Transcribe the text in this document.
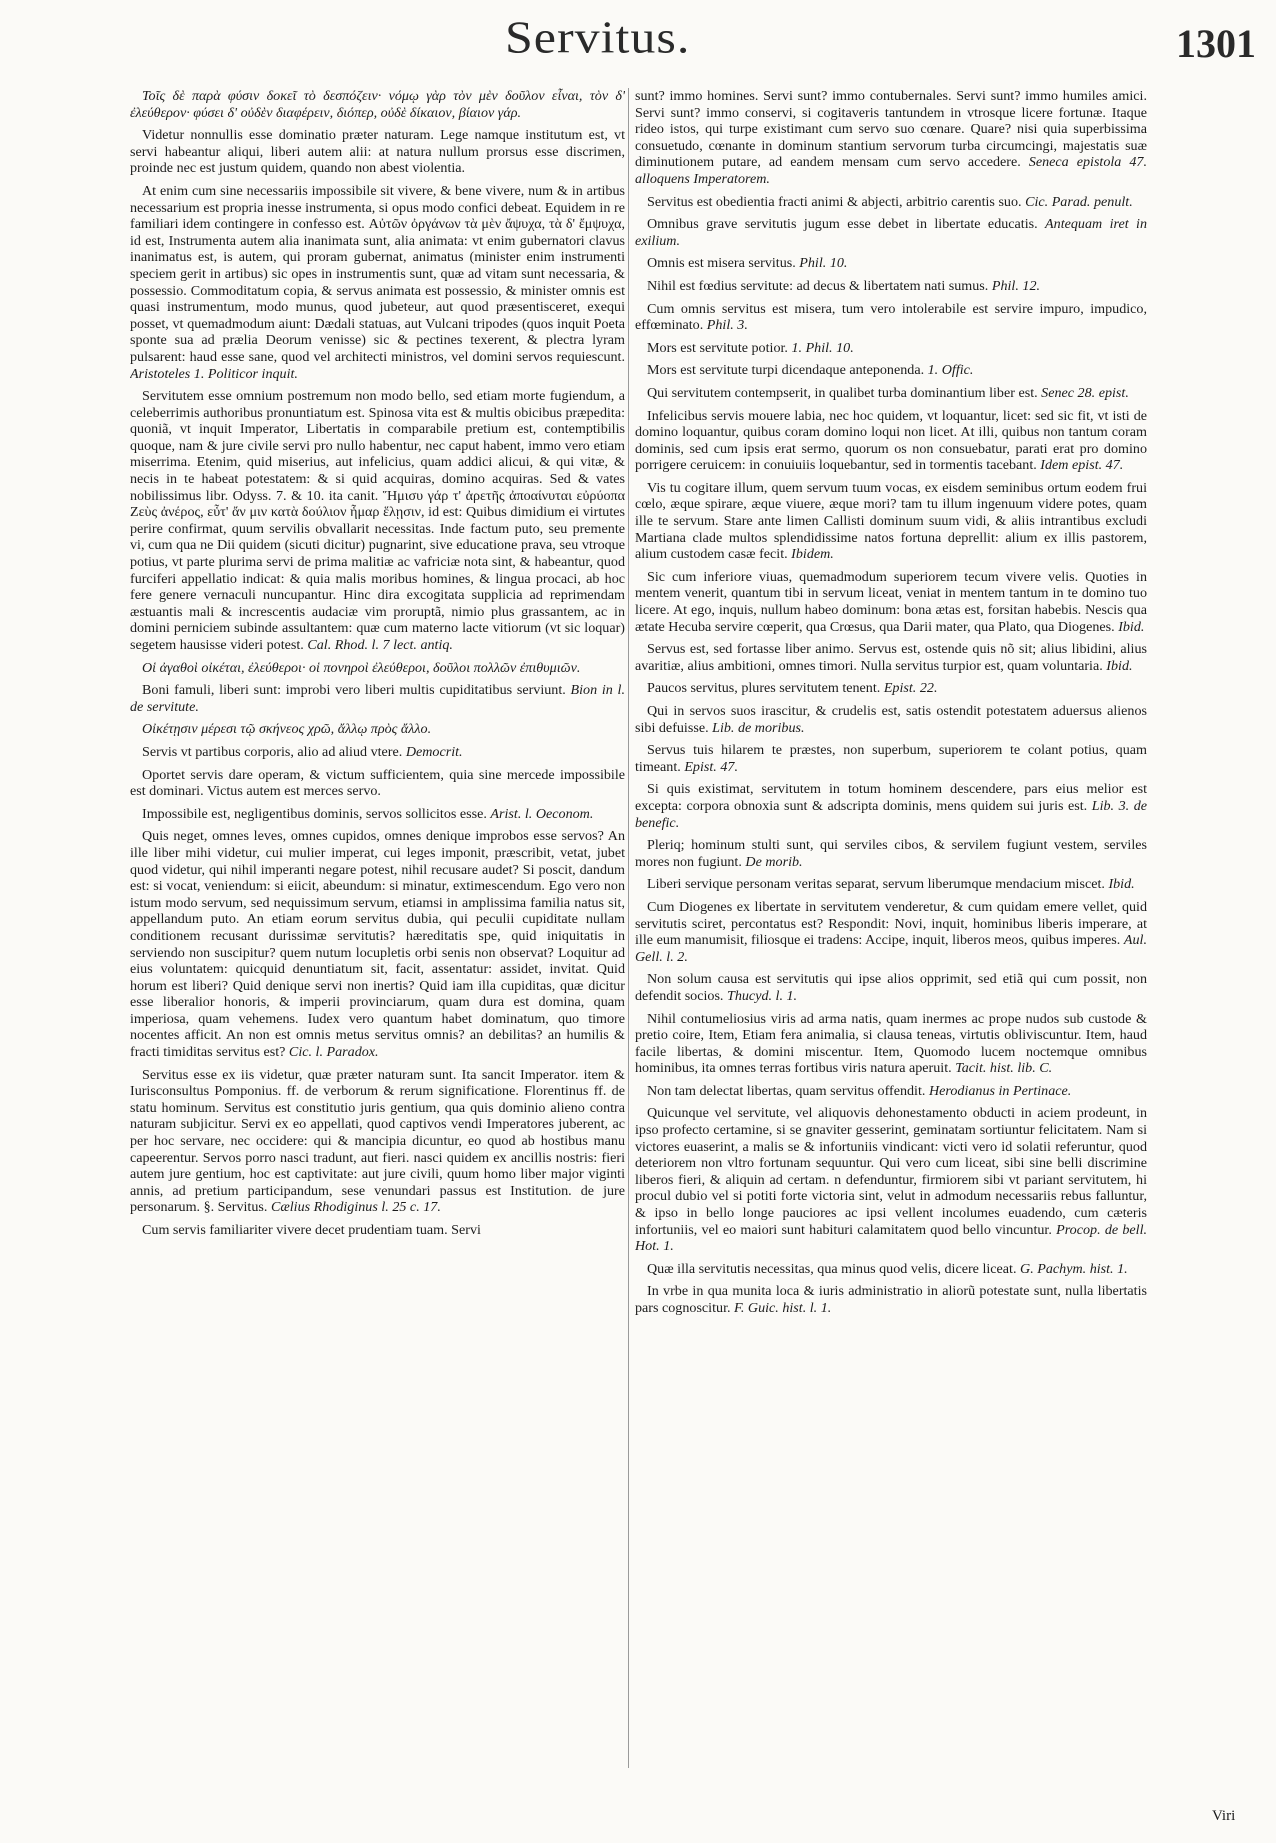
Servitus.	1301

Τοῖς δὲ παρὰ φύσιν δοκεῖ τὸ δεσπόζειν· νόμῳ γὰρ τὸν μὲν δοῦλον εἶναι, τὸν δ' ἐλεύθερον· φύσει δ' οὐδὲν διαφέρειν, διόπερ, οὐδὲ δίκαιον, βίαιον γάρ.

Videtur nonnullis esse dominatio præter naturam. Lege namque institutum est, vt servi habeantur aliqui, liberi autem alii: at natura nullum prorsus esse discrimen, proinde nec est justum quidem, quando non abest violentia.

At enim cum sine necessariis impossibile sit vivere, & bene vivere, num & in artibus necessarium est propria inesse instrumenta, si opus modo confici debeat. Equidem in re familiari idem contingere in confesso est. Αὐτῶν ὀργάνων τὰ μὲν ἄψυχα, τὰ δ' ἔμψυχα, id est, Instrumenta autem alia inanimata sunt, alia animata: vt enim gubernatori clavus inanimatus est, is autem, qui proram gubernat, animatus (minister enim instrumenti speciem gerit in artibus) sic opes in instrumentis sunt, quæ ad vitam sunt necessaria, & possessio. Commoditatum copia, & servus animata est possessio, & minister omnis est quasi instrumentum, modo munus, quod jubeteur, aut quod præsentisceret, exequi posset, vt quemadmodum aiunt: Dædali statuas, aut Vulcani tripodes (quos inquit Poeta sponte sua ad prælia Deorum venisse) sic & pectines texerent, & plectra lyram pulsarent: haud esse sane, quod vel architecti ministros, vel domini servos requiescunt. Aristoteles 1. Politicor inquit.

Servitutem esse omnium postremum non modo bello, sed etiam morte fugiendum, a celeberrimis authoribus pronuntiatum est. Spinosa vita est & multis obicibus præpedita: quoniã, vt inquit Imperator, Libertatis in comparabile pretium est, contemptibilis quoque, nam & jure civile servi pro nullo habentur, nec caput habent, immo vero etiam miserrima. Etenim, quid miserius, aut infelicius, quam addici alicui, & qui vitæ, & necis in te habeat potestatem: & si quid acquiras, domino acquiras. Sed & vates nobilissimus libr. Odyss. 7. & 10. ita canit. Ἥμισυ γάρ τ' ἀρετῆς ἀποαίνυται εὐρύοπα Ζεὺς ἀνέρος, εὖτ' ἄν μιν κατὰ δούλιον ἦμαρ ἕλῃσιν, id est: Quibus dimidium ei virtutes perire confirmat, quum servilis obvallarit necessitas. Inde factum puto, seu premente vi, cum qua ne Dii quidem (sicuti dicitur) pugnarint, sive educatione prava, seu vtroque potius, vt parte plurima servi de prima malitiæ ac vafriciæ nota sint, & habeantur, quod furciferi appellatio indicat: & quia malis moribus homines, & lingua procaci, ab hoc fere genere vernaculi nuncupantur. Hinc dira excogitata supplicia ad reprimendam æstuantis mali & increscentis audaciæ vim proruptã, nimio plus grassantem, ac in domini perniciem subinde assultantem: quæ cum materno lacte vitiorum (vt sic loquar) segetem hausisse videri potest. Cal. Rhod. l. 7 lect. antiq.

Οἱ ἀγαθοὶ οἰκέται, ἐλεύθεροι· οἱ πονηροὶ ἐλεύθεροι, δοῦλοι πολλῶν ἐπιθυμιῶν.

Boni famuli, liberi sunt: improbi vero liberi multis cupiditatibus serviunt. Bion in l. de servitute.

Οἰκέτῃσιν μέρεσι τῷ σκήνεος χρῶ, ἄλλῳ πρὸς ἄλλο.

Servis vt partibus corporis, alio ad aliud vtere. Democrit.

Oportet servis dare operam, & victum sufficientem, quia sine mercede impossibile est dominari. Victus autem est merces servo.

Impossibile est, negligentibus dominis, servos sollicitos esse. Arist. l. Oeconom.

Quis neget, omnes leves, omnes cupidos, omnes denique improbos esse servos? An ille liber mihi videtur, cui mulier imperat, cui leges imponit, præscribit, vetat, jubet quod videtur, qui nihil imperanti negare potest, nihil recusare audet? Si poscit, dandum est: si vocat, veniendum: si eiicit, abeundum: si minatur, extimescendum. Ego vero non istum modo servum, sed nequissimum servum, etiamsi in amplissima familia natus sit, appellandum puto. An etiam eorum servitus dubia, qui peculii cupiditate nullam conditionem recusant durissimæ servitutis? hæreditatis spe, quid iniquitatis in serviendo non suscipitur? quem nutum locupletis orbi senis non observat? Loquitur ad eius voluntatem: quicquid denuntiatum sit, facit, assentatur: assidet, invitat. Quid horum est liberi? Quid denique servi non inertis? Quid iam illa cupiditas, quæ dicitur esse liberalior honoris, & imperii provinciarum, quam dura est domina, quam imperiosa, quam vehemens. Iudex vero quantum habet dominatum, quo timore nocentes afficit. An non est omnis metus servitus omnis? an debilitas? an humilis & fracti timiditas servitus est? Cic. l. Paradox.

Servitus esse ex iis videtur, quæ præter naturam sunt. Ita sancit Imperator. item & Iurisconsultus Pomponius. ff. de verborum & rerum significatione. Florentinus ff. de statu hominum. Servitus est constitutio juris gentium, qua quis dominio alieno contra naturam subjicitur. Servi ex eo appellati, quod captivos vendi Imperatores juberent, ac per hoc servare, nec occidere: qui & mancipia dicuntur, eo quod ab hostibus manu capeerentur. Servos porro nasci tradunt, aut fieri. nasci quidem ex ancillis nostris: fieri autem jure gentium, hoc est captivitate: aut jure civili, quum homo liber major viginti annis, ad pretium participandum, sese venundari passus est Institution. de jure personarum. §. Servitus. Cælius Rhodiginus l. 25 c. 17.

Cum servis familiariter vivere decet prudentiam tuam. Servi

sunt? immo homines. Servi sunt? immo contubernales. Servi sunt? immo humiles amici. Servi sunt? immo conservi, si cogitaveris tantundem in vtrosque licere fortunæ. Itaque rideo istos, qui turpe existimant cum servo suo cœnare. Quare? nisi quia superbissima consuetudo, cœnante in dominum stantium servorum turba circumcingi, majestatis suæ diminutionem putare, ad eandem mensam cum servo accedere. Seneca epistola 47. alloquens Imperatorem.

Servitus est obedientia fracti animi & abjecti, arbitrio carentis suo. Cic. Parad. penult.

Omnibus grave servitutis jugum esse debet in libertate educatis. Antequam iret in exilium.

Omnis est misera servitus. Phil. 10.

Nihil est fœdius servitute: ad decus & libertatem nati sumus. Phil. 12.

Cum omnis servitus est misera, tum vero intolerabile est servire impuro, impudico, effœminato. Phil. 3.

Mors est servitute potior. 1. Phil. 10.

Mors est servitute turpi dicendaque anteponenda. 1. Offic.

Qui servitutem contempserit, in qualibet turba dominantium liber est. Senec 28. epist.

Infelicibus servis mouere labia, nec hoc quidem, vt loquantur, licet: sed sic fit, vt isti de domino loquantur, quibus coram domino loqui non licet. At illi, quibus non tantum coram dominis, sed cum ipsis erat sermo, quorum os non consuebatur, parati erat pro domino porrigere ceruicem: in conuiuiis loquebantur, sed in tormentis tacebant. Idem epist. 47.

Vis tu cogitare illum, quem servum tuum vocas, ex eisdem seminibus ortum eodem frui cœlo, æque spirare, æque viuere, æque mori? tam tu illum ingenuum videre potes, quam ille te servum. Stare ante limen Callisti dominum suum vidi, & aliis intrantibus excludi Martiana clade multos splendidissime natos fortuna deprellit: alium ex illis pastorem, alium custodem casæ fecit. Ibidem.

Sic cum inferiore viuas, quemadmodum superiorem tecum vivere velis. Quoties in mentem venerit, quantum tibi in servum liceat, veniat in mentem tantum in te domino tuo licere. At ego, inquis, nullum habeo dominum: bona ætas est, forsitan habebis. Nescis qua ætate Hecuba servire cœperit, qua Crœsus, qua Darii mater, qua Plato, qua Diogenes. Ibid.

Servus est, sed fortasse liber animo. Servus est, ostende quis nõ sit; alius libidini, alius avaritiæ, alius ambitioni, omnes timori. Nulla servitus turpior est, quam voluntaria. Ibid.

Paucos servitus, plures servitutem tenent. Epist. 22.

Qui in servos suos irascitur, & crudelis est, satis ostendit potestatem aduersus alienos sibi defuisse. Lib. de moribus.

Servus tuis hilarem te præstes, non superbum, superiorem te colant potius, quam timeant. Epist. 47.

Si quis existimat, servitutem in totum hominem descendere, pars eius melior est excepta: corpora obnoxia sunt & adscripta dominis, mens quidem sui juris est. Lib. 3. de benefic.

Pleriq; hominum stulti sunt, qui serviles cibos, & servilem fugiunt vestem, serviles mores non fugiunt. De morib.

Liberi servique personam veritas separat, servum liberumque mendacium miscet. Ibid.

Cum Diogenes ex libertate in servitutem venderetur, & cum quidam emere vellet, quid servitutis sciret, percontatus est? Respondit: Novi, inquit, hominibus liberis imperare, at ille eum manumisit, filiosque ei tradens: Accipe, inquit, liberos meos, quibus imperes. Aul. Gell. l. 2.

Non solum causa est servitutis qui ipse alios opprimit, sed etiã qui cum possit, non defendit socios. Thucyd. l. 1.

Nihil contumeliosius viris ad arma natis, quam inermes ac prope nudos sub custode & pretio coire, Item, Etiam fera animalia, si clausa teneas, virtutis obliviscuntur. Item, haud facile libertas, & domini miscentur. Item, Quomodo lucem noctemque omnibus hominibus, ita omnes terras fortibus viris natura aperuit. Tacit. hist. lib. C.

Non tam delectat libertas, quam servitus offendit. Herodianus in Pertinace.

Quicunque vel servitute, vel aliquovis dehonestamento obducti in aciem prodeunt, in ipso profecto certamine, si se gnaviter gesserint, geminatam sortiuntur felicitatem. Nam si victores euaserint, a malis se & infortuniis vindicant: victi vero id solatii referuntur, quod deteriorem non vltro fortunam sequuntur. Qui vero cum liceat, sibi sine belli discrimine liberos fieri, & aliquin ad certam. n defenduntur, firmiorem sibi vt pariant servitutem, hi procul dubio vel si potiti forte victoria sint, velut in admodum necessariis rebus falluntur, & ipso in bello longe pauciores ac ipsi vellent incolumes euadendo, cum cæteris infortuniis, vel eo maiori sunt habituri calamitatem quod bello vincuntur. Procop. de bell. Hot. 1.

Quæ illa servitutis necessitas, qua minus quod velis, dicere liceat. G. Pachym. hist. 1.

In vrbe in qua munita loca & iuris administratio in aliorũ potestate sunt, nulla libertatis pars cognoscitur. F. Guic. hist. l. 1.

Viri
